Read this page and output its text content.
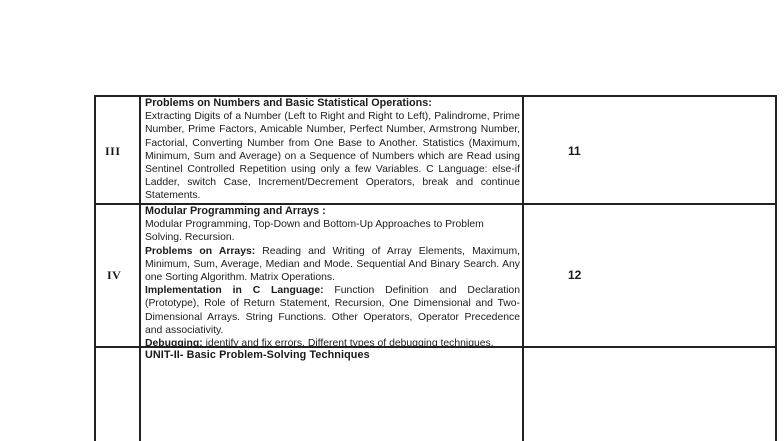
III	11

Problems on Numbers and Basic Statistical Operations:

Extracting Digits of a Number (Left to Right and Right to Left), Palindrome, Prime Number, Prime Factors, Amicable Number, Perfect Number, Armstrong Number, Factorial, Converting Number from One Base to Another. Statistics (Maximum, Minimum, Sum and Average) on a Sequence of Numbers which are Read using Sentinel Controlled Repetition using only a few Variables. C Language: else-if Ladder, switch Case, Increment/Decrement Operators, break and continue Statements.

IV	12

Modular Programming and Arrays :

Modular Programming, Top-Down and Bottom-Up Approaches to Problem Solving. Recursion.

Problems on Arrays: Reading and Writing of Array Elements, Maximum, Minimum, Sum, Average, Median and Mode. Sequential And Binary Search. Any one Sorting Algorithm. Matrix Operations.

Implementation in C Language: Function Definition and Declaration (Prototype), Role of Return Statement, Recursion, One Dimensional and Two-Dimensional Arrays. String Functions. Other Operators, Operator Precedence and associativity.

Debugging: identify and fix errors. Different types of debugging techniques.

UNIT-II- Basic Problem-Solving Techniques
